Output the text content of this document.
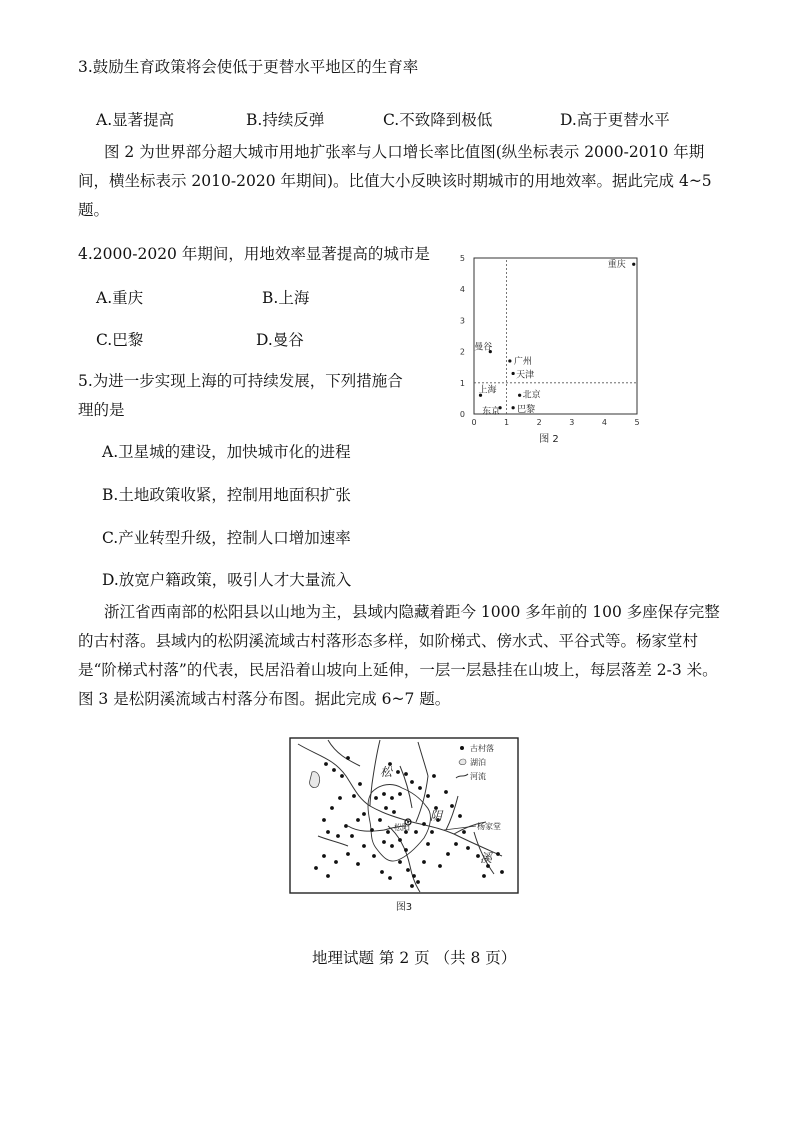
3.鼓励生育政策将会使低于更替水平地区的生育率
A.显著提高	B.持续反弹	C.不致降到极低	D.高于更替水平
图 2 为世界部分超大城市用地扩张率与人口增长率比值图(纵坐标表示 2000-2010 年期间，横坐标表示 2010-2020 年期间)。比值大小反映该时期城市的用地效率。据此完成 4~5 题。
4.2000-2020 年期间，用地效率显著提高的城市是
A.重庆	B.上海
C.巴黎	D.曼谷
5.为进一步实现上海的可持续发展，下列措施合
理的是
A.卫星城的建设，加快城市化的进程
B.土地政策收紧，控制用地面积扩张
C.产业转型升级，控制人口增加速率
D.放宽户籍政策，吸引人才大量流入
0
1
2
3
4
5
0	1	2	3	4	5
重庆
曼谷
广州
天津
北京
上海
东京 巴黎
图 2
浙江省西南部的松阳县以山地为主，县域内隐藏着距今 1000 多年前的 100 多座保存完整的古村落。县域内的松阴溪流域古村落形态多样，如阶梯式、傍水式、平谷式等。杨家堂村是“阶梯式村落”的代表，民居沿着山坡向上延伸，一层一层悬挂在山坡上，每层落差 2-3 米。图 3 是松阴溪流域古村落分布图。据此完成 6~7 题。
松
阴
溪
松阳	杨家堂
古村落
湖泊
河流
图3
地理试题 第 2 页 （共 8 页）
